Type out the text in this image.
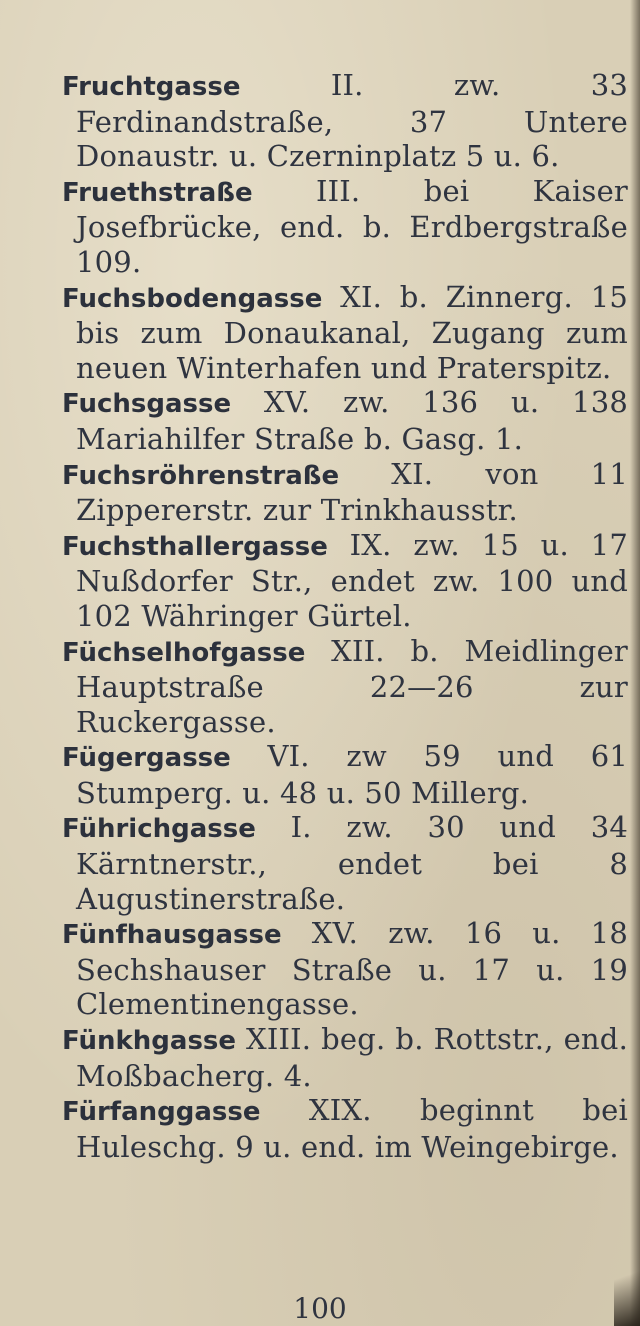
Fruchtgasse II. zw. 33 Ferdinandstraße, 37 Untere Donaustr. u. Czerninplatz 5 u. 6.

Fruethstraße III. bei Kaiser Josefbrücke, end. b. Erdbergstraße 109.

Fuchsbodengasse XI. b. Zinnerg. 15 bis zum Donaukanal, Zugang zum neuen Winterhafen und Praterspitz.

Fuchsgasse XV. zw. 136 u. 138 Mariahilfer Straße b. Gasg. 1.

Fuchsröhrenstraße XI. von 11 Zippererstr. zur Trinkhausstr.

Fuchsthallergasse IX. zw. 15 u. 17 Nußdorfer Str., endet zw. 100 und 102 Währinger Gürtel.

Füchselhofgasse XII. b. Meidlinger Hauptstraße 22—26 zur Ruckergasse.

Fügergasse VI. zw 59 und 61 Stumperg. u. 48 u. 50 Millerg.

Führichgasse I. zw. 30 und 34 Kärntnerstr., endet bei 8 Augustinerstraße.

Fünfhausgasse XV. zw. 16 u. 18 Sechshauser Straße u. 17 u. 19 Clementinengasse.

Fünkhgasse XIII. beg. b. Rottstr., end. Moßbacherg. 4.

Fürfanggasse XIX. beginnt bei Huleschg. 9 u. end. im Weingebirge.

100
